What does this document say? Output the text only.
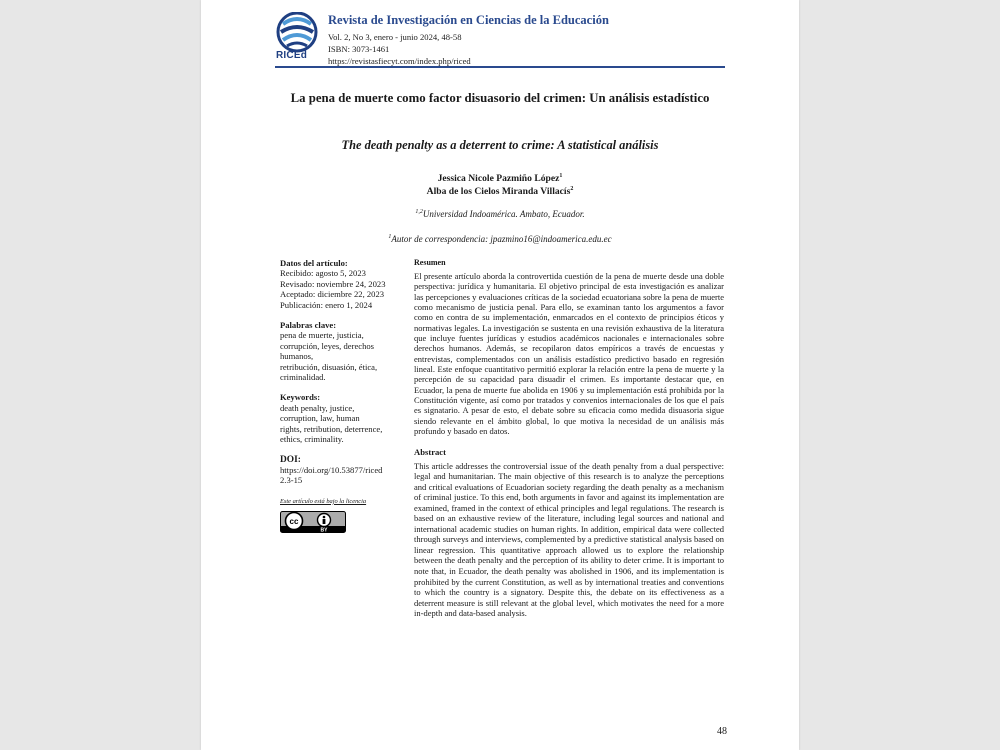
RICEd
Revista de Investigación en Ciencias de la Educación
Vol. 2, No 3, enero - junio 2024, 48-58
ISBN: 3073-1461
https://revistasfiecyt.com/index.php/riced
La pena de muerte como factor disuasorio del crimen: Un análisis estadístico
The death penalty as a deterrent to crime: A statistical análisis
Jessica Nicole Pazmiño López$^1$
Alba de los Cielos Miranda Villacís$^2$
$^{1,2}$Universidad Indoamérica. Ambato, Ecuador.
$^1$Autor de correspondencia: jpazmino16@indoamerica.edu.ec
Datos del artículo:
Recibido: agosto 5, 2023
Revisado: noviembre 24, 2023
Aceptado: diciembre 22, 2023
Publicación: enero 1, 2024
Palabras clave:
pena de muerte, justicia,
corrupción, leyes, derechos
humanos,
retribución, disuasión, ética,
criminalidad.
Keywords:
death penalty, justice,
corruption, law, human
rights, retribution, deterrence,
ethics, criminality.
DOI:
https://doi.org/10.53877/riced
2.3-15
Este artículo está bajo la licencia
cc
BY
Resumen
El presente artículo aborda la controvertida cuestión de la pena de muerte desde una doble perspectiva: jurídica y humanitaria. El objetivo principal de esta investigación es analizar las percepciones y evaluaciones críticas de la sociedad ecuatoriana sobre la pena de muerte como mecanismo de justicia penal. Para ello, se examinan tanto los argumentos a favor como en contra de su implementación, enmarcados en el contexto de principios éticos y normativas legales. La investigación se sustenta en una revisión exhaustiva de la literatura que incluye fuentes jurídicas y estudios académicos nacionales e internacionales sobre derechos humanos. Además, se recopilaron datos empíricos a través de encuestas y entrevistas, complementados con un análisis estadístico predictivo basado en regresión lineal. Este enfoque cuantitativo permitió explorar la relación entre la pena de muerte y la percepción de su capacidad para disuadir el crimen. Es importante destacar que, en Ecuador, la pena de muerte fue abolida en 1906 y su implementación está prohibida por la Constitución vigente, así como por tratados y convenios internacionales de los que el país es signatario. A pesar de esto, el debate sobre su eficacia como medida disuasoria sigue siendo relevante en el ámbito global, lo que motiva la necesidad de un análisis más profundo y basado en datos.
Abstract
This article addresses the controversial issue of the death penalty from a dual perspective: legal and humanitarian. The main objective of this research is to analyze the perceptions and critical evaluations of Ecuadorian society regarding the death penalty as a mechanism of criminal justice. To this end, both arguments in favor and against its implementation are examined, framed in the context of ethical principles and legal regulations. The research is based on an exhaustive review of the literature, including legal sources and national and international academic studies on human rights. In addition, empirical data were collected through surveys and interviews, complemented by a predictive statistical analysis based on linear regression. This quantitative approach allowed us to explore the relationship between the death penalty and the perception of its ability to deter crime. It is important to note that, in Ecuador, the death penalty was abolished in 1906, and its implementation is prohibited by the current Constitution, as well as by international treaties and conventions to which the country is a signatory. Despite this, the debate on its effectiveness as a deterrent measure is still relevant at the global level, which motivates the need for a more in-depth and data-based analysis.
48
